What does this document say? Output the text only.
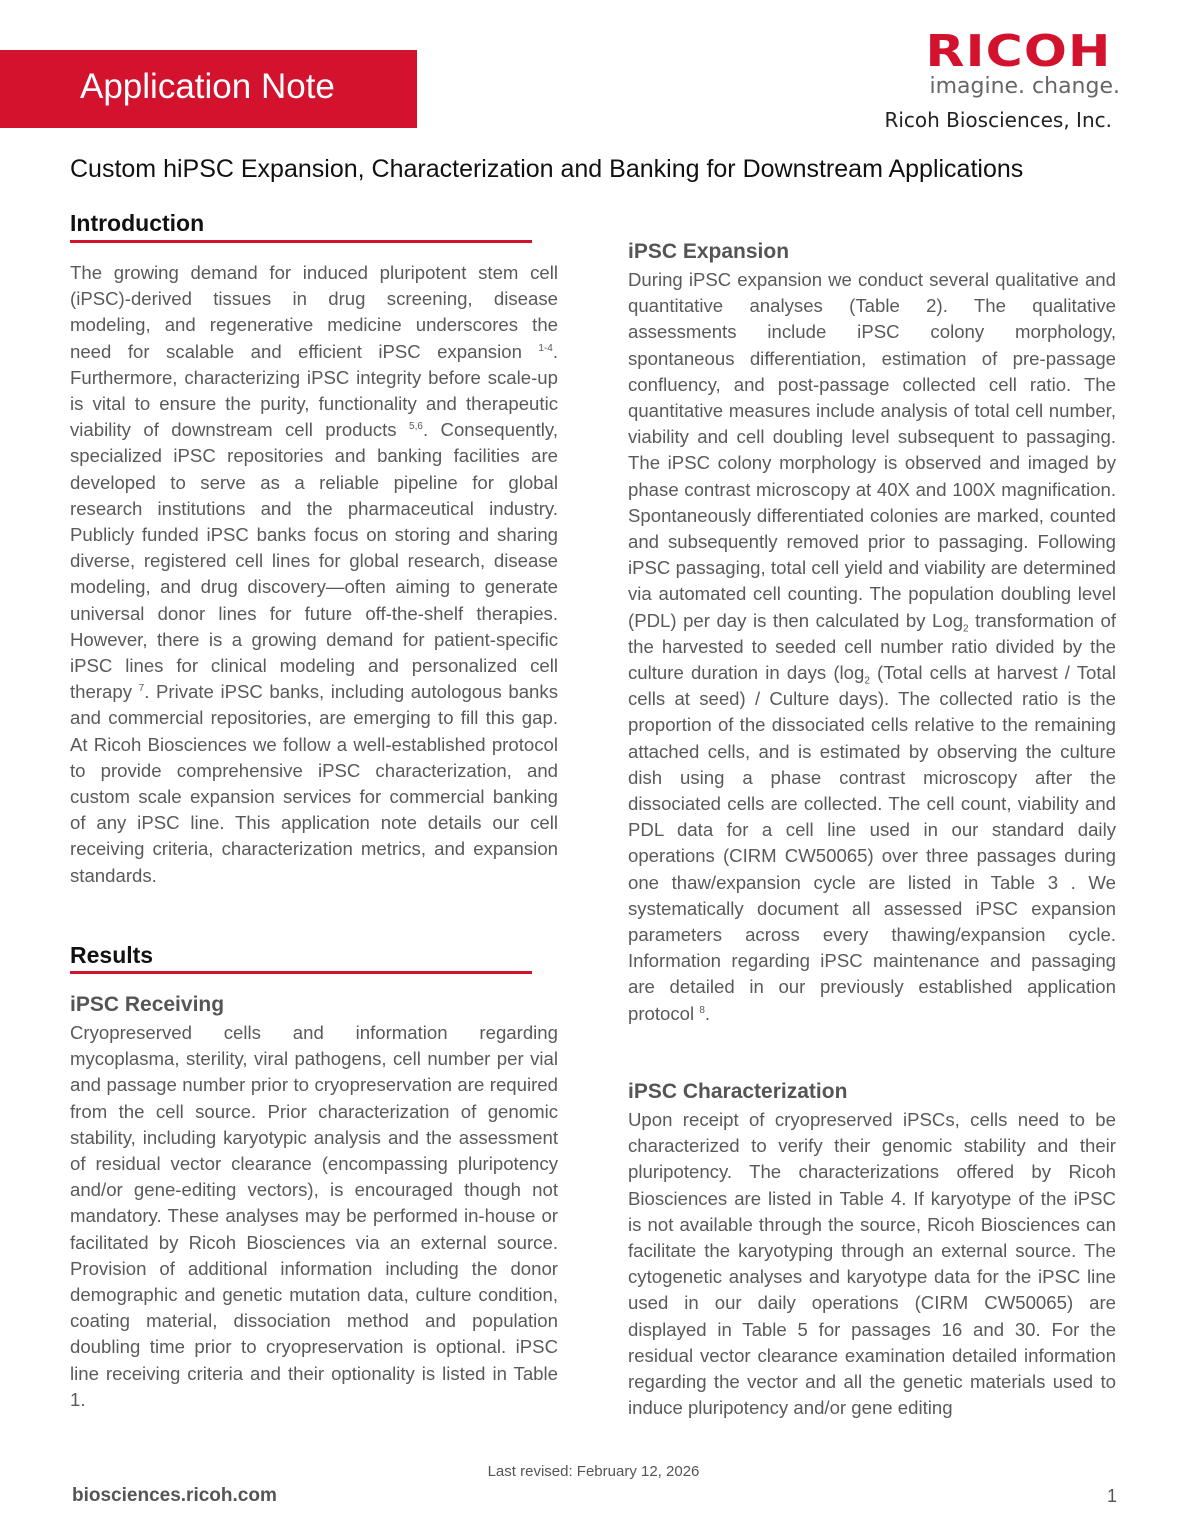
Application Note
RICOH
imagine. change.
Ricoh Biosciences, Inc.
Custom hiPSC Expansion, Characterization and Banking for Downstream Applications
Introduction

The growing demand for induced pluripotent stem cell (iPSC)-derived tissues in drug screening, disease modeling, and regenerative medicine underscores the need for scalable and efficient iPSC expansion $^{1-4}$. Furthermore, characterizing iPSC integrity before scale-up is vital to ensure the purity, functionality and therapeutic viability of downstream cell products $^{5,6}$. Consequently, specialized iPSC repositories and banking facilities are developed to serve as a reliable pipeline for global research institutions and the pharmaceutical industry. Publicly funded iPSC banks focus on storing and sharing diverse, registered cell lines for global research, disease modeling, and drug discovery—often aiming to generate universal donor lines for future off-the-shelf therapies. However, there is a growing demand for patient-specific iPSC lines for clinical modeling and personalized cell therapy $^7$. Private iPSC banks, including autologous banks and commercial repositories, are emerging to fill this gap. At Ricoh Biosciences we follow a well-established protocol to provide comprehensive iPSC characterization, and custom scale expansion services for commercial banking of any iPSC line. This application note details our cell receiving criteria, characterization metrics, and expansion standards.

Results
iPSC Receiving

Cryopreserved cells and information regarding mycoplasma, sterility, viral pathogens, cell number per vial and passage number prior to cryopreservation are required from the cell source. Prior characterization of genomic stability, including karyotypic analysis and the assessment of residual vector clearance (encompassing pluripotency and/or gene-editing vectors), is encouraged though not mandatory. These analyses may be performed in-house or facilitated by Ricoh Biosciences via an external source. Provision of additional information including the donor demographic and genetic mutation data, culture condition, coating material, dissociation method and population doubling time prior to cryopreservation is optional. iPSC line receiving criteria and their optionality is listed in Table 1.

iPSC Expansion

During iPSC expansion we conduct several qualitative and quantitative analyses (Table 2). The qualitative assessments include iPSC colony morphology, spontaneous differentiation, estimation of pre-passage confluency, and post-passage collected cell ratio. The quantitative measures include analysis of total cell number, viability and cell doubling level subsequent to passaging. The iPSC colony morphology is observed and imaged by phase contrast microscopy at 40X and 100X magnification. Spontaneously differentiated colonies are marked, counted and subsequently removed prior to passaging. Following iPSC passaging, total cell yield and viability are determined via automated cell counting. The population doubling level (PDL) per day is then calculated by Log$_2$ transformation of the harvested to seeded cell number ratio divided by the culture duration in days ($\log_2$ (Total cells at harvest / Total cells at seed) / Culture days). The collected ratio is the proportion of the dissociated cells relative to the remaining attached cells, and is estimated by observing the culture dish using a phase contrast microscopy after the dissociated cells are collected. The cell count, viability and PDL data for a cell line used in our standard daily operations (CIRM CW50065) over three passages during one thaw/expansion cycle are listed in Table 3 . We systematically document all assessed iPSC expansion parameters across every thawing/expansion cycle. Information regarding iPSC maintenance and passaging are detailed in our previously established application protocol $^8$.

iPSC Characterization

Upon receipt of cryopreserved iPSCs, cells need to be characterized to verify their genomic stability and their pluripotency. The characterizations offered by Ricoh Biosciences are listed in Table 4. If karyotype of the iPSC is not available through the source, Ricoh Biosciences can facilitate the karyotyping through an external source. The cytogenetic analyses and karyotype data for the iPSC line used in our daily operations (CIRM CW50065) are displayed in Table 5 for passages 16 and 30. For the residual vector clearance examination detailed information regarding the vector and all the genetic materials used to induce pluripotency and/or gene editing

Last revised: February 12, 2026
biosciences.ricoh.com	1
